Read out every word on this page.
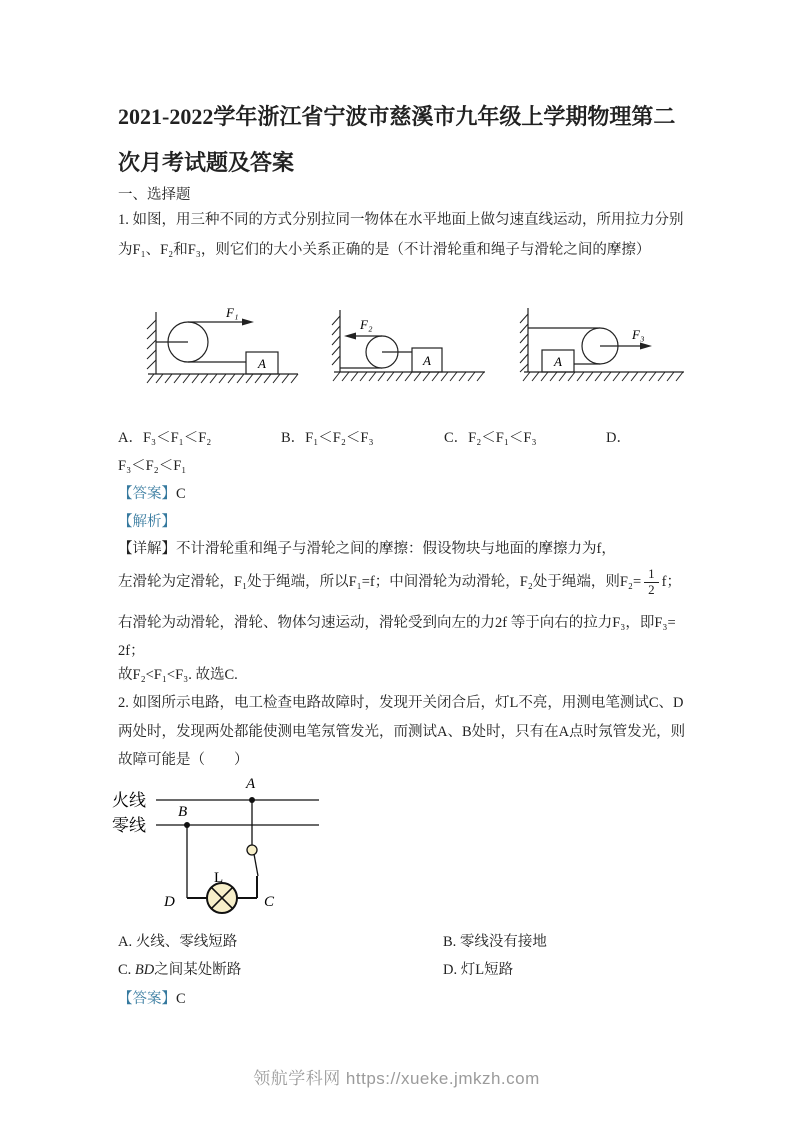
2021-2022学年浙江省宁波市慈溪市九年级上学期物理第二
次月考试题及答案
一、选择题
1. 如图，用三种不同的方式分别拉同一物体在水平地面上做匀速直线运动，所用拉力分别
为F₁、F₂和F₃，则它们的大小关系正确的是（不计滑轮重和绳子与滑轮之间的摩擦）
F₁
A
F₂
A	A
F₃
A．F₃＜F₁＜F₂	B．F₁＜F₂＜F₃	C．F₂＜F₁＜F₃	D．
F₃＜F₂＜F₁
【答案】C
【解析】
【详解】不计滑轮重和绳子与滑轮之间的摩擦：假设物块与地面的摩擦力为f，
左滑轮为定滑轮，F₁处于绳端，所以F₁=f；中间滑轮为动滑轮，F₂处于绳端，则$F_2= \frac{1}{2}$ f；
右滑轮为动滑轮，滑轮、物体匀速运动，滑轮受到向左的力2f 等于向右的拉力F₃，即F₃=
2f；
故F₂<F₁<F₃. 故选C.
2. 如图所示电路，电工检查电路故障时，发现开关闭合后，灯L不亮，用测电笔测试C、D
两处时，发现两处都能使测电笔氖管发光，而测试A、B处时，只有在A点时氖管发光，则
故障可能是（　　）
火线
零线
A
B
L
D	C
A. 火线、零线短路	B. 零线没有接地
C. BD之间某处断路	D. 灯L短路
【答案】C
领航学科网 https://xueke.jmkzh.com
